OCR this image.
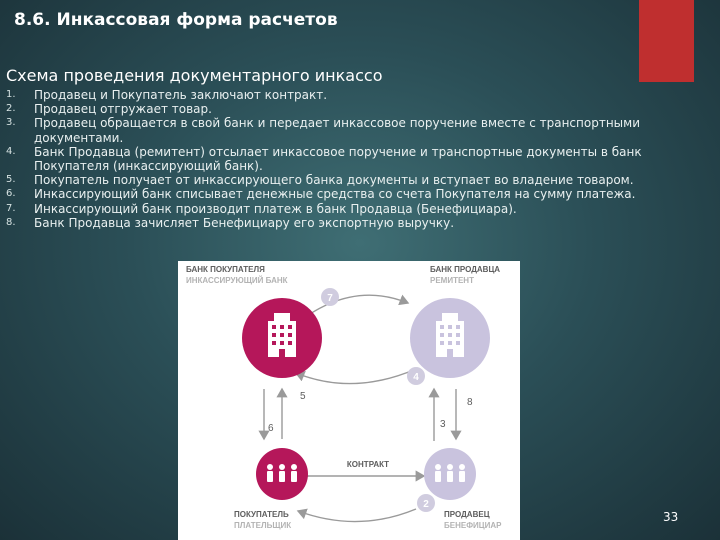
8.6. Инкассовая форма расчетов
Схема проведения документарного инкассо
1.	Продавец и Покупатель заключают контракт.
2.	Продавец отгружает товар.
3.	Продавец обращается в свой банк и передает инкассовое поручение вместе с транспортными документами.
4.	Банк Продавца (ремитент) отсылает инкассовое поручение и транспортные документы в банк Покупателя (инкассирующий банк).
5.	Покупатель получает от инкассирующего банка документы и вступает во владение товаром.
6.	Инкассирующий банк списывает денежные средства со счета Покупателя на сумму платежа.
7.	Инкассирующий банк производит платеж в банк Продавца (Бенефициара).
8.	Банк Продавца зачисляет Бенефициару его экспортную выручку.
7
4
2
5
6	3
8
КОНТРАКТ
БАНК ПОКУПАТЕЛЯ
ИНКАССИРУЮЩИЙ БАНК
БАНК ПРОДАВЦА
РЕМИТЕНТ
ПОКУПАТЕЛЬ
ПЛАТЕЛЬЩИК
ПРОДАВЕЦ
БЕНЕФИЦИАР
33
